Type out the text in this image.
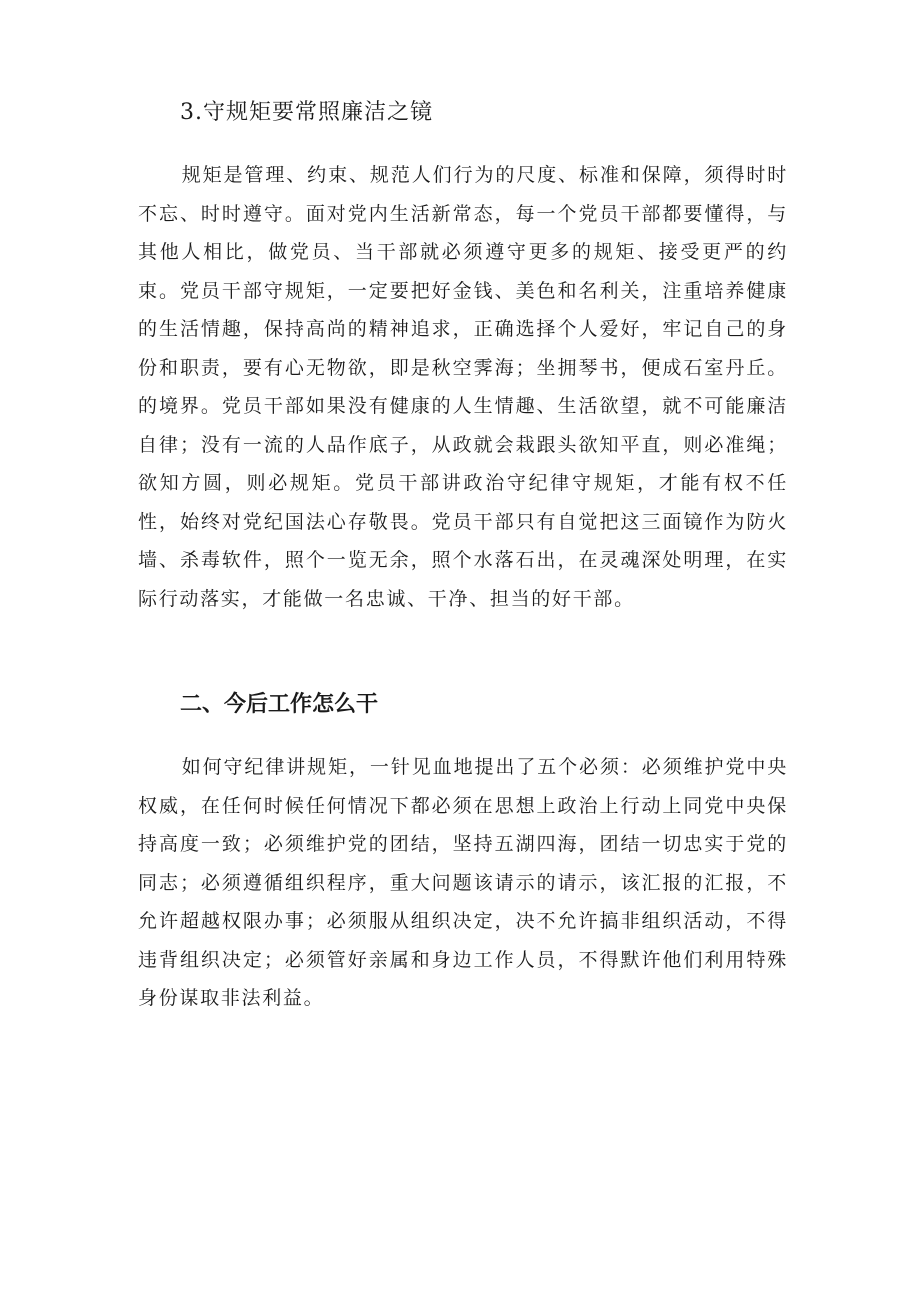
3.守规矩要常照廉洁之镜

规矩是管理、约束、规范人们行为的尺度、标准和保障，须得时时不忘、时时遵守。面对党内生活新常态，每一个党员干部都要懂得，与其他人相比，做党员、当干部就必须遵守更多的规矩、接受更严的约束。党员干部守规矩，一定要把好金钱、美色和名利关，注重培养健康的生活情趣，保持高尚的精神追求，正确选择个人爱好，牢记自己的身份和职责，要有心无物欲，即是秋空霁海；坐拥琴书，便成石室丹丘。的境界。党员干部如果没有健康的人生情趣、生活欲望，就不可能廉洁自律；没有一流的人品作底子，从政就会栽跟头欲知平直，则必准绳；欲知方圆，则必规矩。党员干部讲政治守纪律守规矩，才能有权不任性，始终对党纪国法心存敬畏。党员干部只有自觉把这三面镜作为防火墙、杀毒软件，照个一览无余，照个水落石出，在灵魂深处明理，在实际行动落实，才能做一名忠诚、干净、担当的好干部。

二、今后工作怎么干

如何守纪律讲规矩，一针见血地提出了五个必须：必须维护党中央权威，在任何时候任何情况下都必须在思想上政治上行动上同党中央保持高度一致；必须维护党的团结，坚持五湖四海，团结一切忠实于党的同志；必须遵循组织程序，重大问题该请示的请示，该汇报的汇报，不允许超越权限办事；必须服从组织决定，决不允许搞非组织活动，不得违背组织决定；必须管好亲属和身边工作人员，不得默许他们利用特殊身份谋取非法利益。
